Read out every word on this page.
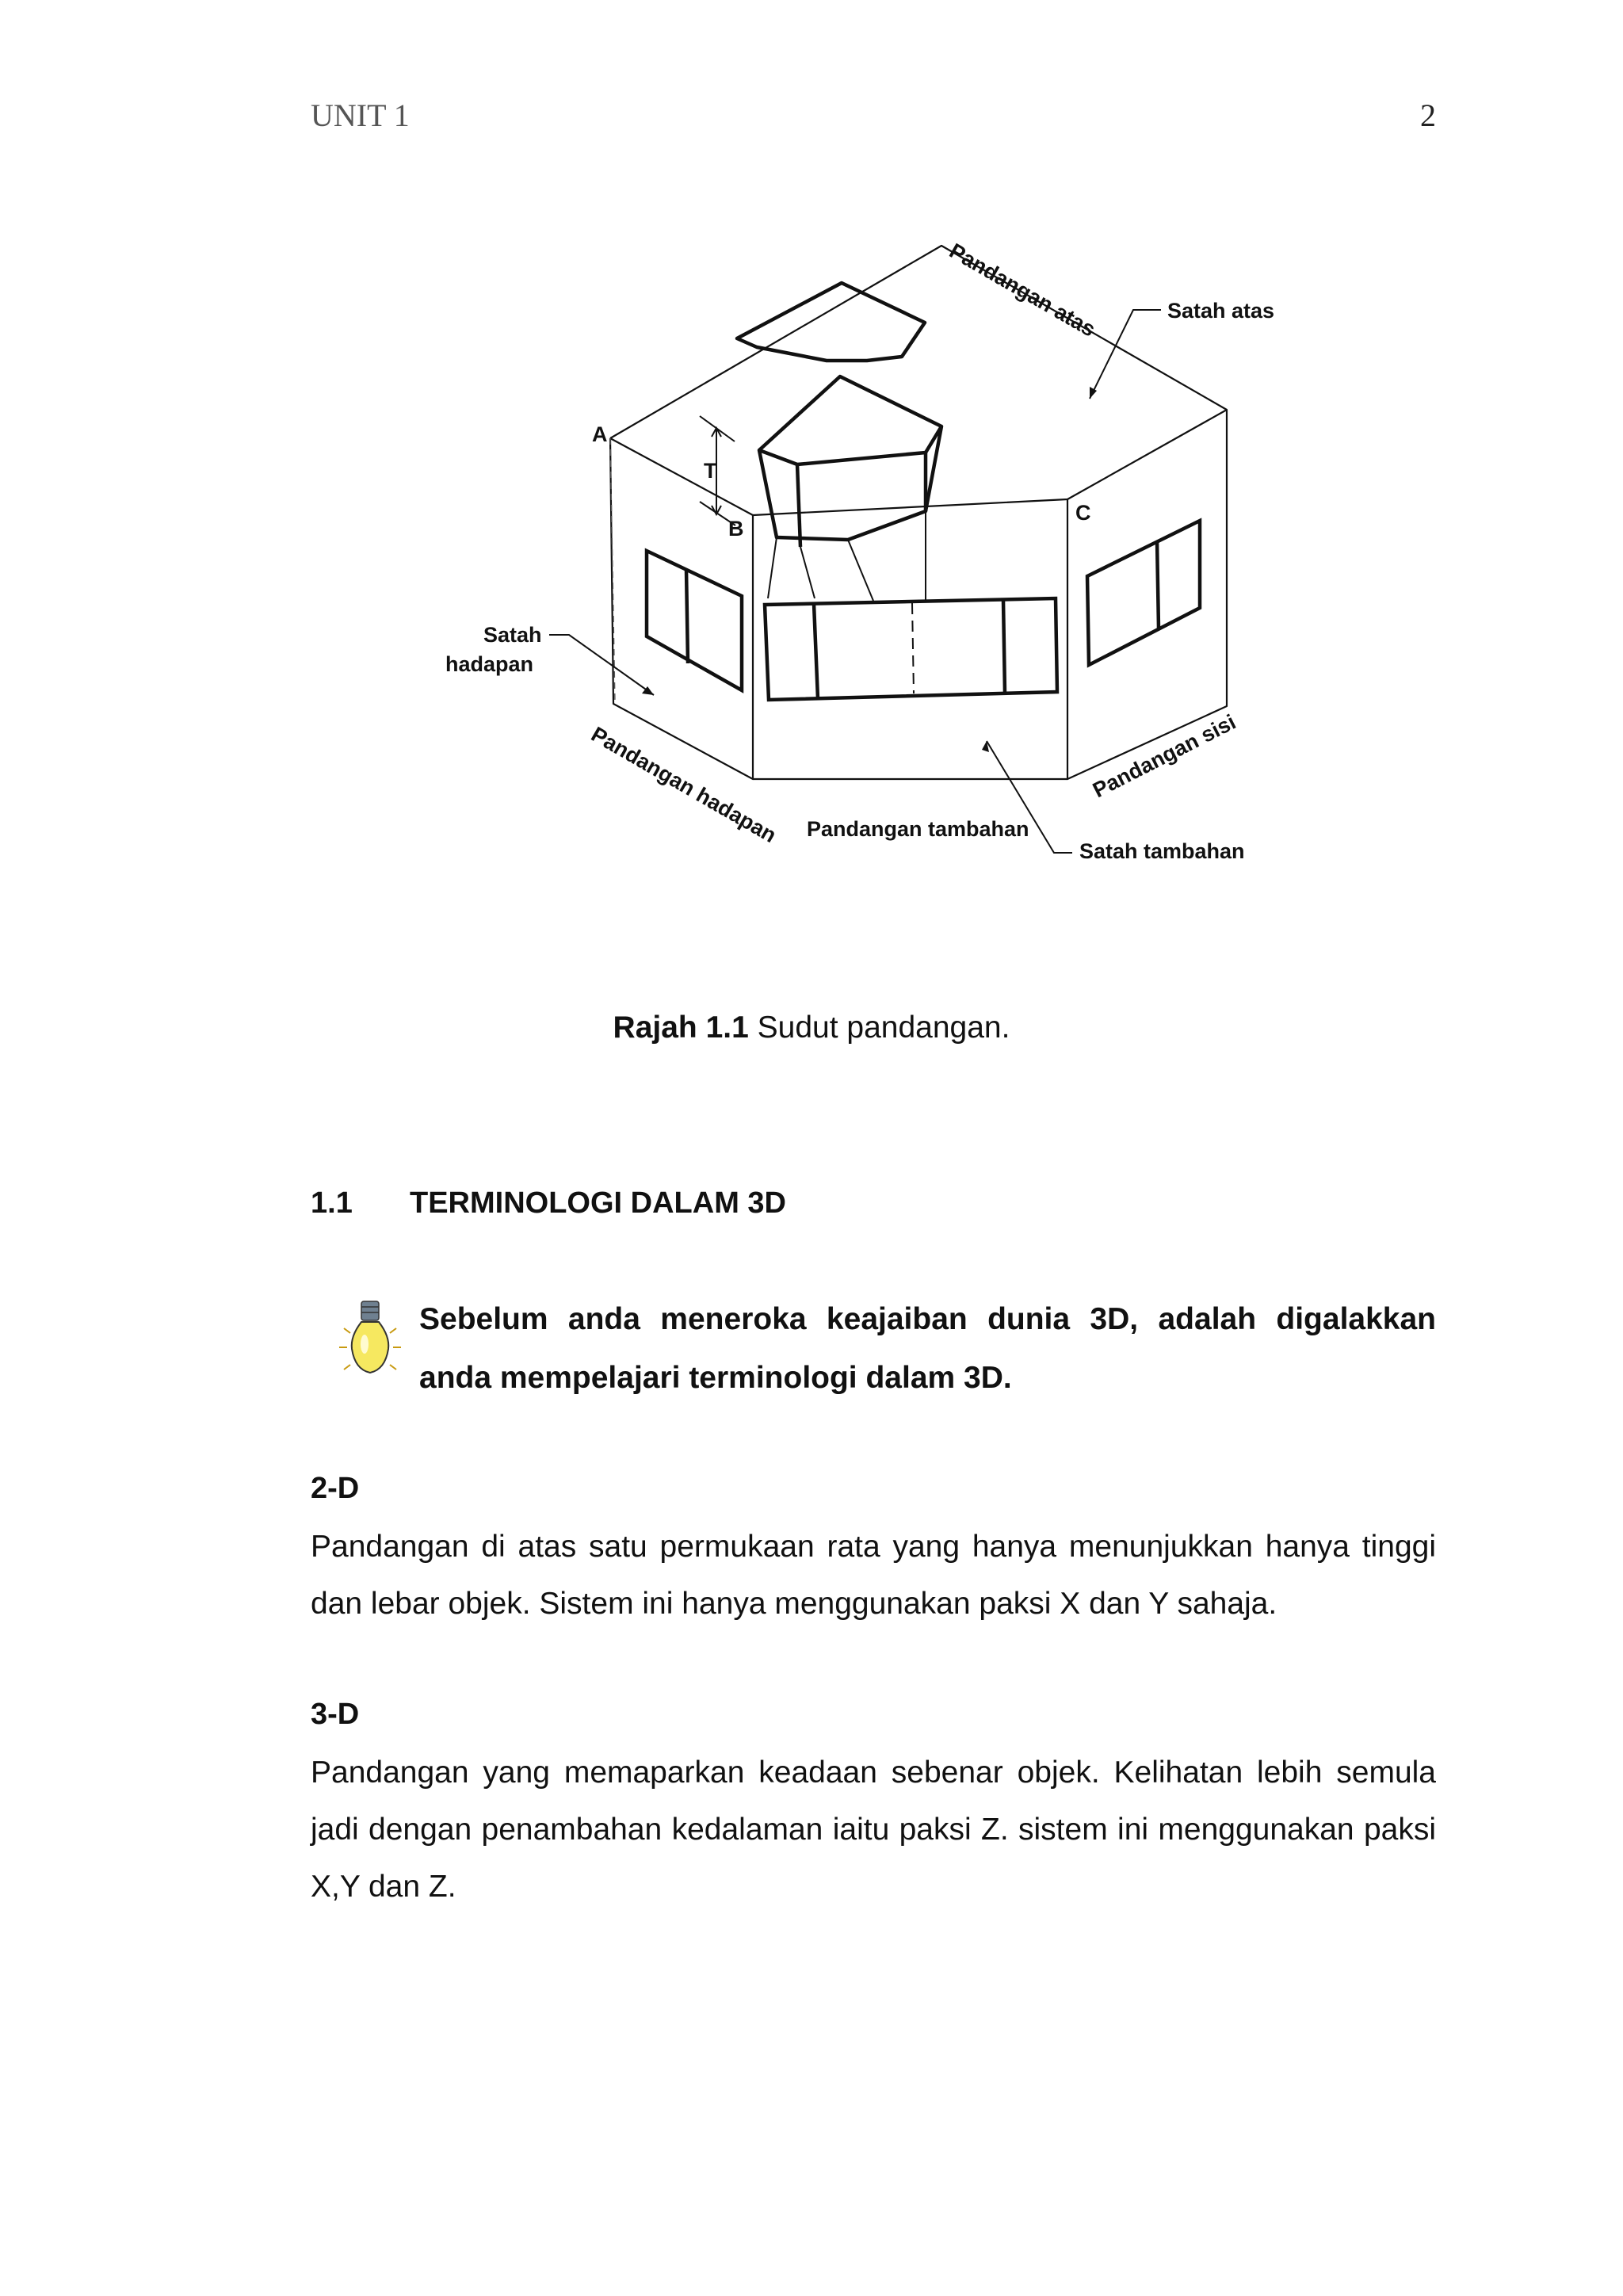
UNIT 1	2
A
B
C
T
Satah atas
Satah
hadapan
Pandangan tambahan
Satah tambahan
Pandangan atas
Pandangan hadapan	Pandangan sisi
Rajah 1.1 Sudut pandangan.
1.1 TERMINOLOGI DALAM 3D
Sebelum anda meneroka keajaiban dunia 3D, adalah digalakkan anda mempelajari terminologi dalam 3D.
2-D
Pandangan di atas satu permukaan rata yang hanya menunjukkan hanya tinggi dan lebar objek. Sistem ini hanya menggunakan paksi X dan Y sahaja.
3-D
Pandangan yang memaparkan keadaan sebenar objek. Kelihatan lebih semula jadi dengan penambahan kedalaman iaitu paksi Z. sistem ini menggunakan paksi X,Y dan Z.
